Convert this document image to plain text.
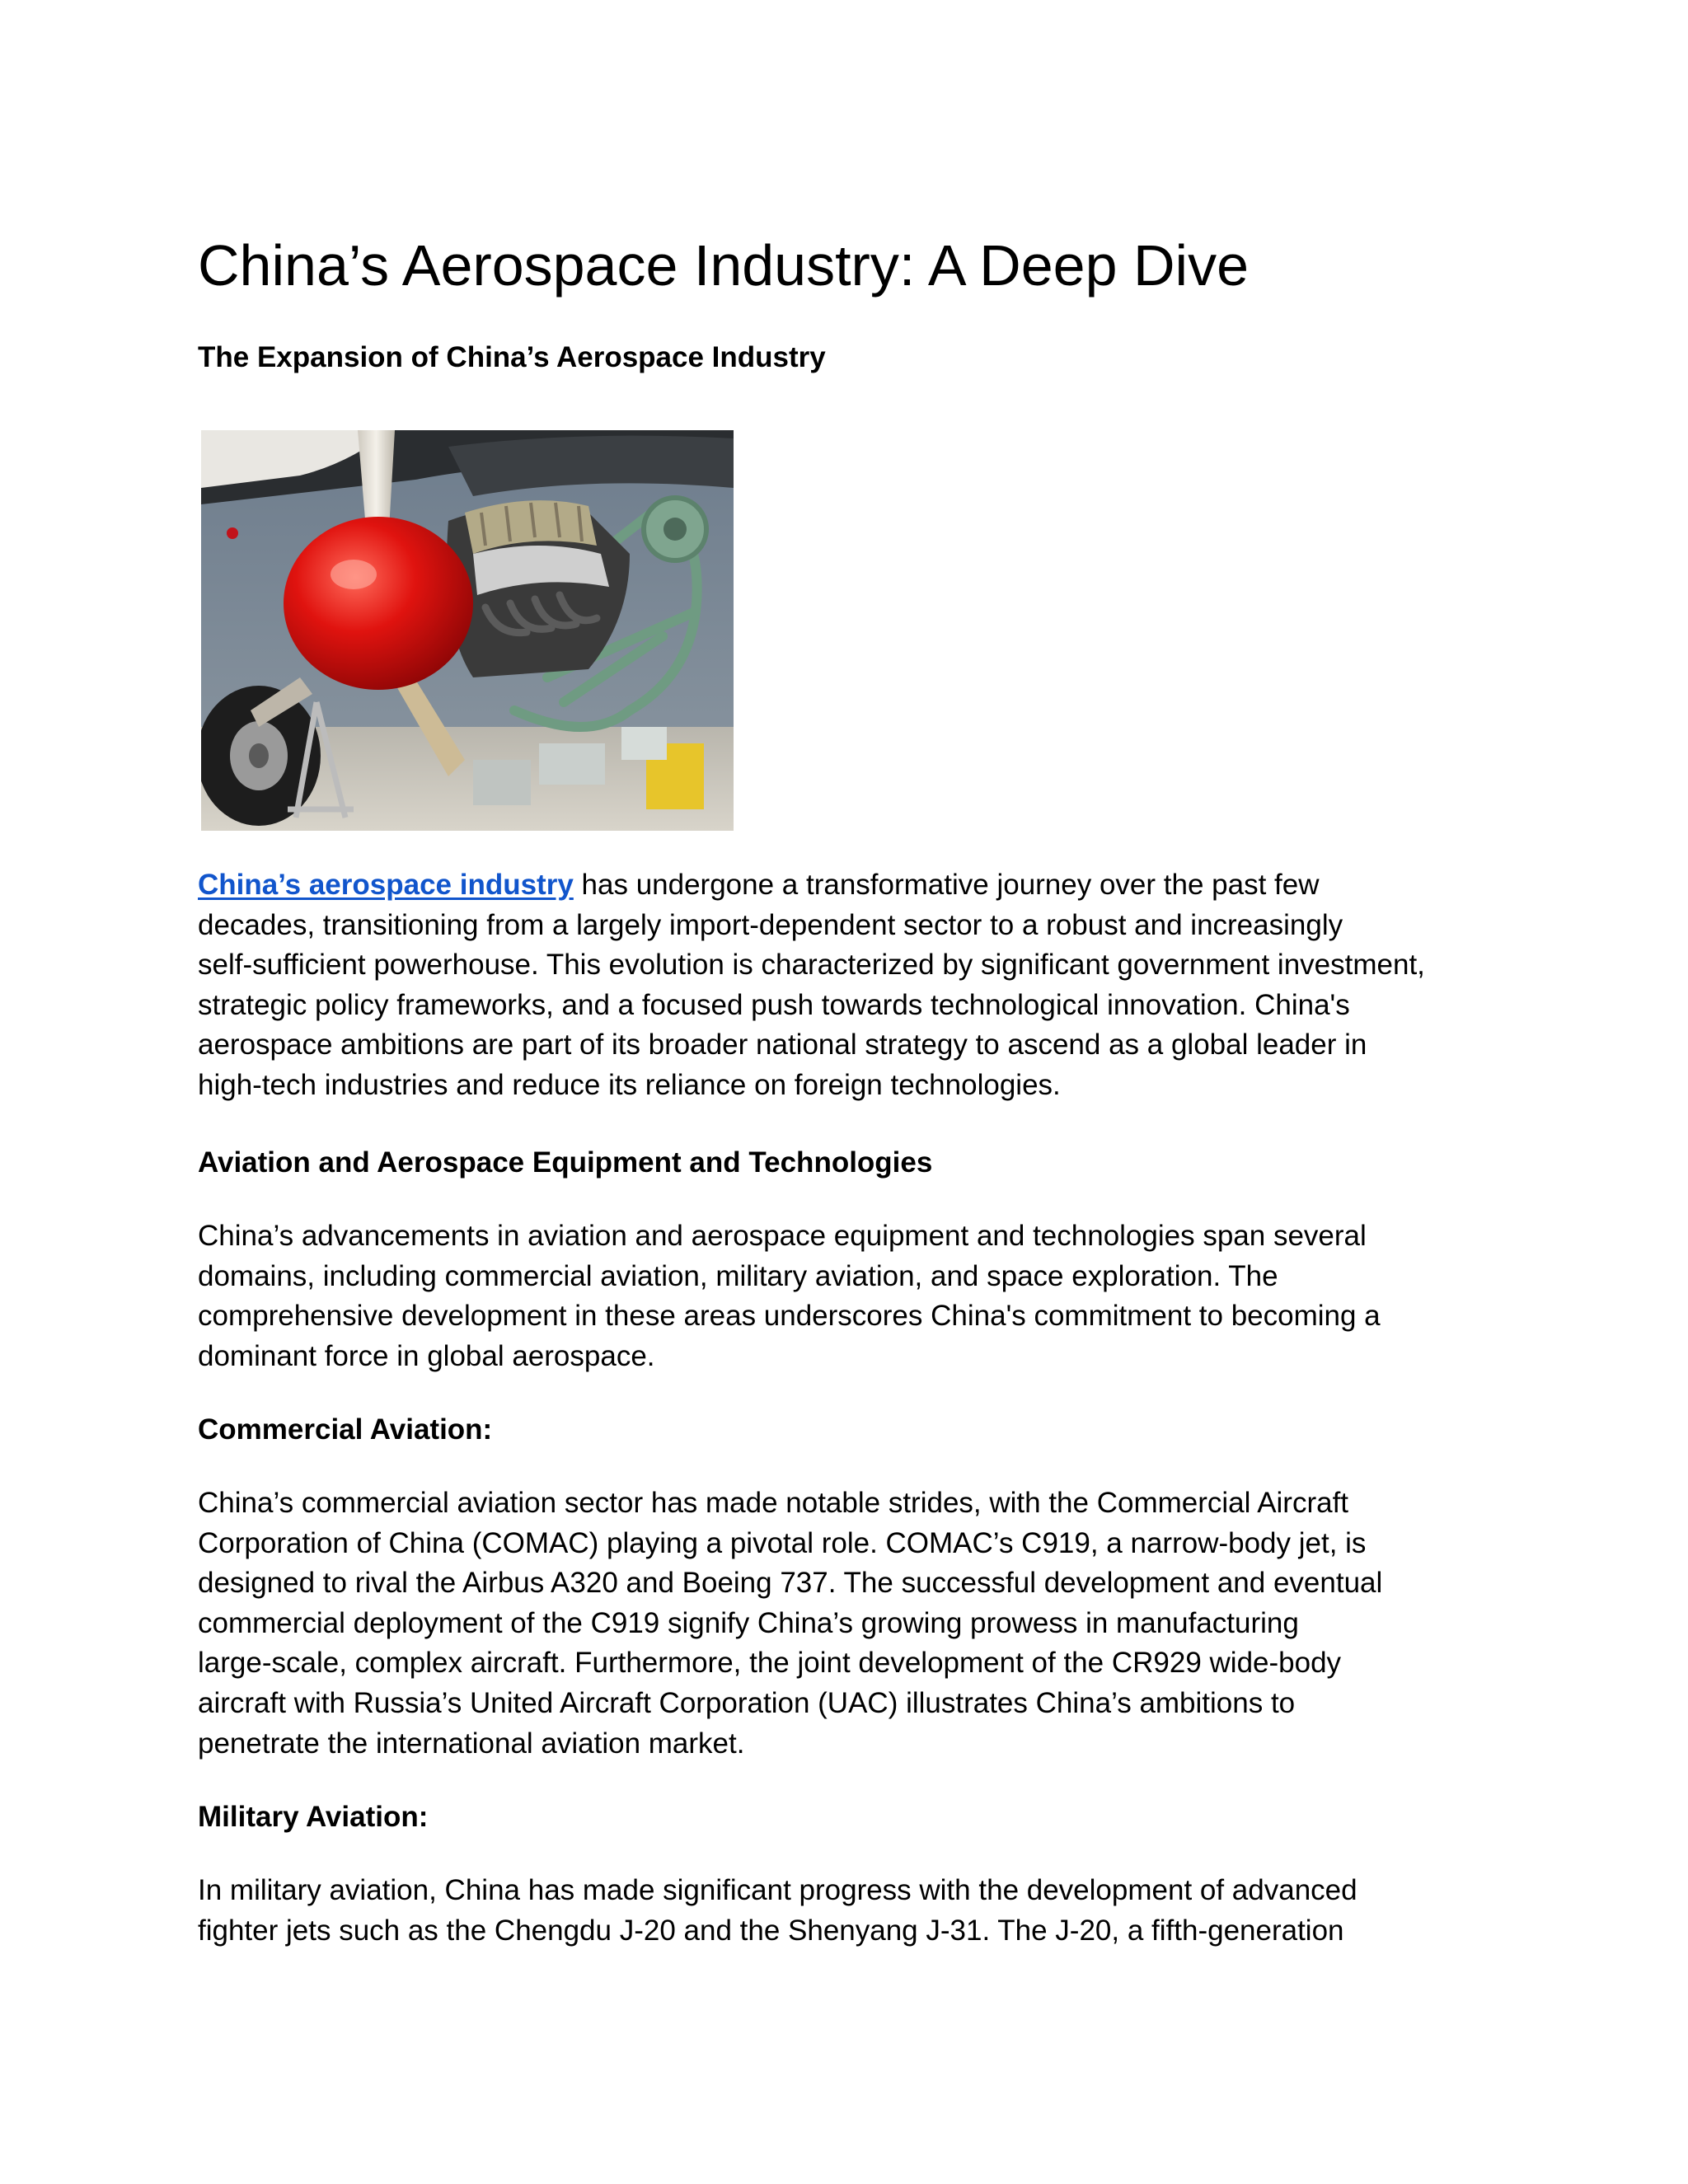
China’s Aerospace Industry: A Deep Dive
The Expansion of China’s Aerospace Industry

China’s aerospace industry has undergone a transformative journey over the past few
decades, transitioning from a largely import-dependent sector to a robust and increasingly
self-sufficient powerhouse. This evolution is characterized by significant government investment,
strategic policy frameworks, and a focused push towards technological innovation. China's
aerospace ambitions are part of its broader national strategy to ascend as a global leader in
high-tech industries and reduce its reliance on foreign technologies.

Aviation and Aerospace Equipment and Technologies

China’s advancements in aviation and aerospace equipment and technologies span several
domains, including commercial aviation, military aviation, and space exploration. The
comprehensive development in these areas underscores China's commitment to becoming a
dominant force in global aerospace.

Commercial Aviation:

China’s commercial aviation sector has made notable strides, with the Commercial Aircraft
Corporation of China (COMAC) playing a pivotal role. COMAC’s C919, a narrow-body jet, is
designed to rival the Airbus A320 and Boeing 737. The successful development and eventual
commercial deployment of the C919 signify China’s growing prowess in manufacturing
large-scale, complex aircraft. Furthermore, the joint development of the CR929 wide-body
aircraft with Russia’s United Aircraft Corporation (UAC) illustrates China’s ambitions to
penetrate the international aviation market.

Military Aviation:

In military aviation, China has made significant progress with the development of advanced
fighter jets such as the Chengdu J-20 and the Shenyang J-31. The J-20, a fifth-generation
